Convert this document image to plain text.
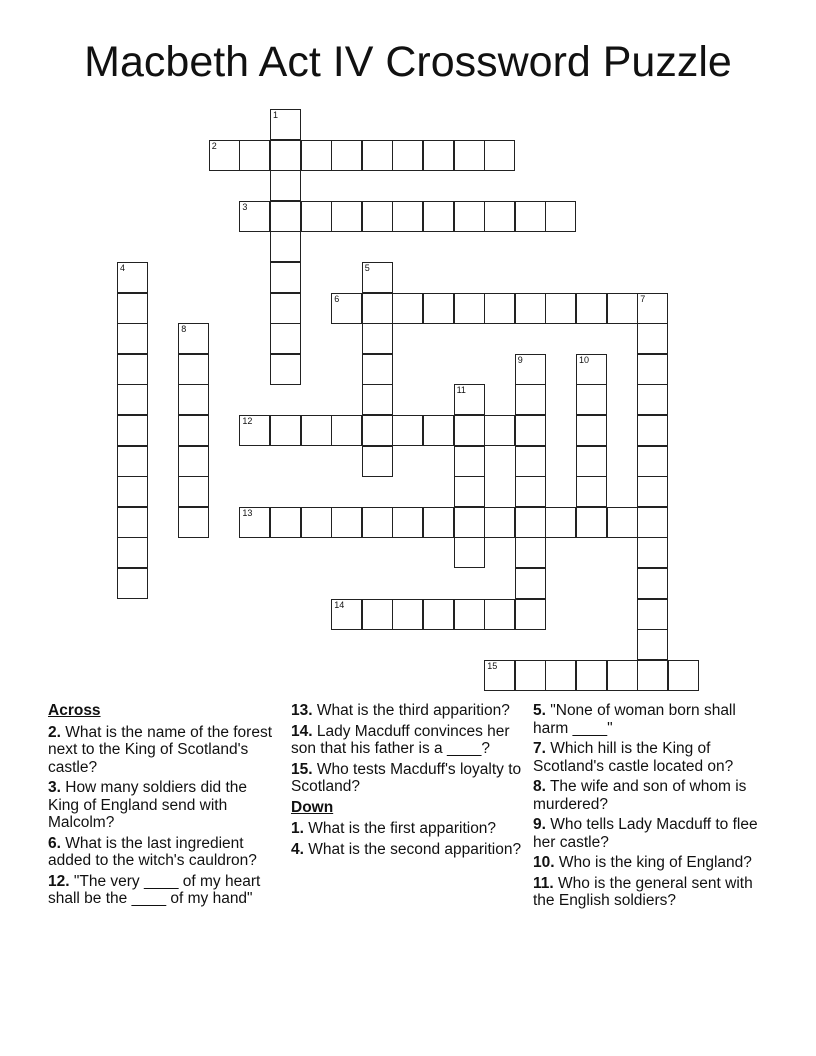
Macbeth Act IV Crossword Puzzle
1
2
3
4	5
6	7
8
9	10
11
12
13
14
15
Across
2. What is the name of the forest next to the King of Scotland's castle?
3. How many soldiers did the King of England send with Malcolm?
6. What is the last ingredient added to the witch's cauldron?
12. "The very ____ of my heart shall be the ____ of my hand"
13. What is the third apparition?
14. Lady Macduff convinces her son that his father is a ____?
15. Who tests Macduff's loyalty to Scotland?
Down
1. What is the first apparition?
4. What is the second apparition?
5. "None of woman born shall harm ____"
7. Which hill is the King of Scotland's castle located on?
8. The wife and son of whom is murdered?
9. Who tells Lady Macduff to flee her castle?
10. Who is the king of England?
11. Who is the general sent with the English soldiers?
